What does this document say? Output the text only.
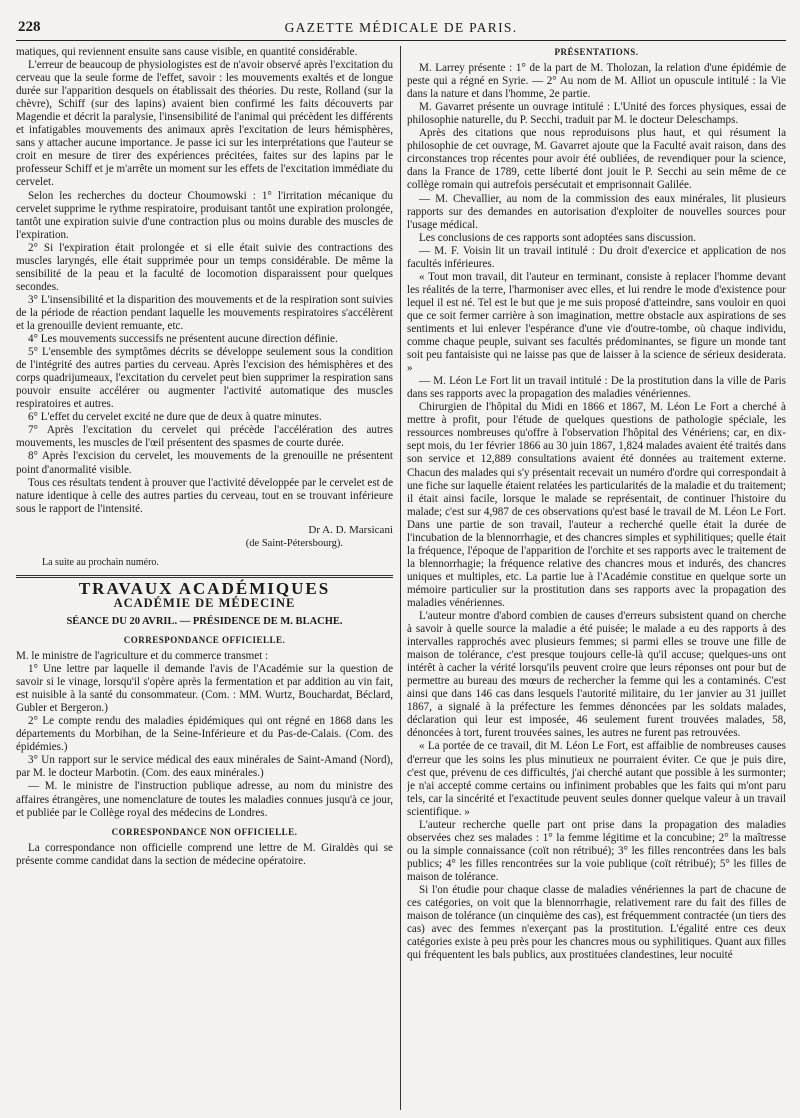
228	GAZETTE MÉDICALE DE PARIS.

matiques, qui reviennent ensuite sans cause visible, en quantité considérable.

L'erreur de beaucoup de physiologistes est de n'avoir observé après l'excitation du cerveau que la seule forme de l'effet, savoir : les mouvements exaltés et de longue durée sur l'apparition desquels on établissait des théories. Du reste, Rolland (sur la chèvre), Schiff (sur des lapins) avaient bien confirmé les faits découverts par Magendie et décrit la paralysie, l'insensibilité de l'animal qui précèdent les différents et infatigables mouvements des animaux après l'excitation de leurs hémisphères, sans y attacher aucune importance. Je passe ici sur les interprétations que l'auteur se croit en mesure de tirer des expériences précitées, faites sur des lapins par le professeur Schiff et je m'arrête un moment sur les effets de l'excitation immédiate du cervelet.

Selon les recherches du docteur Choumowski : 1° l'irritation mécanique du cervelet supprime le rythme respiratoire, produisant tantôt une expiration prolongée, tantôt une expiration suivie d'une contraction plus ou moins durable des muscles de l'expiration.

2° Si l'expiration était prolongée et si elle était suivie des contractions des muscles laryngés, elle était supprimée pour un temps considérable. De même la sensibilité de la peau et la faculté de locomotion disparaissent pour quelques secondes.

3° L'insensibilité et la disparition des mouvements et de la respiration sont suivies de la période de réaction pendant laquelle les mouvements respiratoires s'accélèrent et la grenouille devient remuante, etc.

4° Les mouvements successifs ne présentent aucune direction définie.

5° L'ensemble des symptômes décrits se développe seulement sous la condition de l'intégrité des autres parties du cerveau. Après l'excision des hémisphères et des corps quadrijumeaux, l'excitation du cervelet peut bien supprimer la respiration sans pouvoir ensuite accélérer ou augmenter l'activité automatique des muscles respiratoires et autres.

6° L'effet du cervelet excité ne dure que de deux à quatre minutes.

7° Après l'excitation du cervelet qui précède l'accélération des autres mouvements, les muscles de l'œil présentent des spasmes de courte durée.

8° Après l'excision du cervelet, les mouvements de la grenouille ne présentent point d'anormalité visible.

Tous ces résultats tendent à prouver que l'activité développée par le cervelet est de nature identique à celle des autres parties du cerveau, tout en se trouvant inférieure sous le rapport de l'intensité.

Dr A. D. Marsicani
(de Saint-Pétersbourg).
La suite au prochain numéro.
TRAVAUX ACADÉMIQUES
ACADÉMIE DE MÉDECINE
SÉANCE DU 20 AVRIL. — PRÉSIDENCE DE M. BLACHE.
CORRESPONDANCE OFFICIELLE.

M. le ministre de l'agriculture et du commerce transmet :

1° Une lettre par laquelle il demande l'avis de l'Académie sur la question de savoir si le vinage, lorsqu'il s'opère après la fermentation et par addition au vin fait, est nuisible à la santé du consommateur. (Com. : MM. Wurtz, Bouchardat, Béclard, Gubler et Bergeron.)

2° Le compte rendu des maladies épidémiques qui ont régné en 1868 dans les départements du Morbihan, de la Seine-Inférieure et du Pas-de-Calais. (Com. des épidémies.)

3° Un rapport sur le service médical des eaux minérales de Saint-Amand (Nord), par M. le docteur Marbotin. (Com. des eaux minérales.)

— M. le ministre de l'instruction publique adresse, au nom du ministre des affaires étrangères, une nomenclature de toutes les maladies connues jusqu'à ce jour, et publiée par le Collège royal des médecins de Londres.

CORRESPONDANCE NON OFFICIELLE.

La correspondance non officielle comprend une lettre de M. Giraldès qui se présente comme candidat dans la section de médecine opératoire.

PRÉSENTATIONS.

M. Larrey présente : 1° de la part de M. Tholozan, la relation d'une épidémie de peste qui a régné en Syrie. — 2° Au nom de M. Alliot un opuscule intitulé : la Vie dans la nature et dans l'homme, 2e partie.

M. Gavarret présente un ouvrage intitulé : L'Unité des forces physiques, essai de philosophie naturelle, du P. Secchi, traduit par M. le docteur Deleschamps.

Après des citations que nous reproduisons plus haut, et qui résument la philosophie de cet ouvrage, M. Gavarret ajoute que la Faculté avait raison, dans des circonstances trop récentes pour avoir été oubliées, de revendiquer pour la science, dans la France de 1789, cette liberté dont jouit le P. Secchi au sein même de ce collège romain qui autrefois persécutait et emprisonnait Galilée.

— M. Chevallier, au nom de la commission des eaux minérales, lit plusieurs rapports sur des demandes en autorisation d'exploiter de nouvelles sources pour l'usage médical.

Les conclusions de ces rapports sont adoptées sans discussion.

— M. F. Voisin lit un travail intitulé : Du droit d'exercice et application de nos facultés inférieures.

« Tout mon travail, dit l'auteur en terminant, consiste à replacer l'homme devant les réalités de la terre, l'harmoniser avec elles, et lui rendre le mode d'existence pour lequel il est né. Tel est le but que je me suis proposé d'atteindre, sans vouloir en quoi que ce soit fermer carrière à son imagination, mettre obstacle aux aspirations de ses sentiments et lui enlever l'espérance d'une vie d'outre-tombe, où chaque individu, comme chaque peuple, suivant ses facultés prédominantes, se figure un monde tant soit peu fantaisiste qui ne laisse pas que de laisser à la science de sérieux desiderata. »

— M. Léon Le Fort lit un travail intitulé : De la prostitution dans la ville de Paris dans ses rapports avec la propagation des maladies vénériennes.

Chirurgien de l'hôpital du Midi en 1866 et 1867, M. Léon Le Fort a cherché à mettre à profit, pour l'étude de quelques questions de pathologie spéciale, les ressources nombreuses qu'offre à l'observation l'hôpital des Vénériens; car, en dix-sept mois, du 1er février 1866 au 30 juin 1867, 1,824 malades avaient été traités dans son service et 12,889 consultations avaient été données au traitement externe. Chacun des malades qui s'y présentait recevait un numéro d'ordre qui correspondait à une fiche sur laquelle étaient relatées les particularités de la maladie et du traitement; il était ainsi facile, lorsque le malade se représentait, de continuer l'histoire du malade; c'est sur 4,987 de ces observations qu'est basé le travail de M. Léon Le Fort. Dans une partie de son travail, l'auteur a recherché quelle était la durée de l'incubation de la blennorrhagie, et des chancres simples et syphilitiques; quelle était la fréquence, l'époque de l'apparition de l'orchite et ses rapports avec le traitement de la blennorrhagie; la fréquence relative des chancres mous et indurés, des chancres uniques et multiples, etc. La partie lue à l'Académie constitue en quelque sorte un mémoire particulier sur la prostitution dans ses rapports avec la propagation des maladies vénériennes.

L'auteur montre d'abord combien de causes d'erreurs subsistent quand on cherche à savoir à quelle source la maladie a été puisée; le malade a eu des rapports à des intervalles rapprochés avec plusieurs femmes; si parmi elles se trouve une fille de maison de tolérance, c'est presque toujours celle-là qu'il accuse; quelques-uns ont intérêt à cacher la vérité lorsqu'ils peuvent croire que leurs réponses ont pour but de permettre au bureau des mœurs de rechercher la femme qui les a contaminés. C'est ainsi que dans 146 cas dans lesquels l'autorité militaire, du 1er janvier au 31 juillet 1867, a signalé à la préfecture les femmes dénoncées par les soldats malades, déclaration qui leur est imposée, 46 seulement furent trouvées malades, 58, dénoncées à tort, furent trouvées saines, les autres ne furent pas retrouvées.

« La portée de ce travail, dit M. Léon Le Fort, est affaiblie de nombreuses causes d'erreur que les soins les plus minutieux ne pourraient éviter. Ce que je puis dire, c'est que, prévenu de ces difficultés, j'ai cherché autant que possible à les surmonter; je n'ai accepté comme certains ou infiniment probables que les faits qui m'ont paru tels, car la sincérité et l'exactitude peuvent seules donner quelque valeur à un travail scientifique. »

L'auteur recherche quelle part ont prise dans la propagation des maladies observées chez ses malades : 1° la femme légitime et la concubine; 2° la maîtresse ou la simple connaissance (coït non rétribué); 3° les filles rencontrées dans les bals publics; 4° les filles rencontrées sur la voie publique (coït rétribué); 5° les filles de maison de tolérance.

Si l'on étudie pour chaque classe de maladies vénériennes la part de chacune de ces catégories, on voit que la blennorrhagie, relativement rare du fait des filles de maison de tolérance (un cinquième des cas), est fréquemment contractée (un tiers des cas) avec des femmes n'exerçant pas la prostitution. L'égalité entre ces deux catégories existe à peu près pour les chancres mous ou syphilitiques. Quant aux filles qui fréquentent les bals publics, aux prostituées clandestines, leur nocuité
